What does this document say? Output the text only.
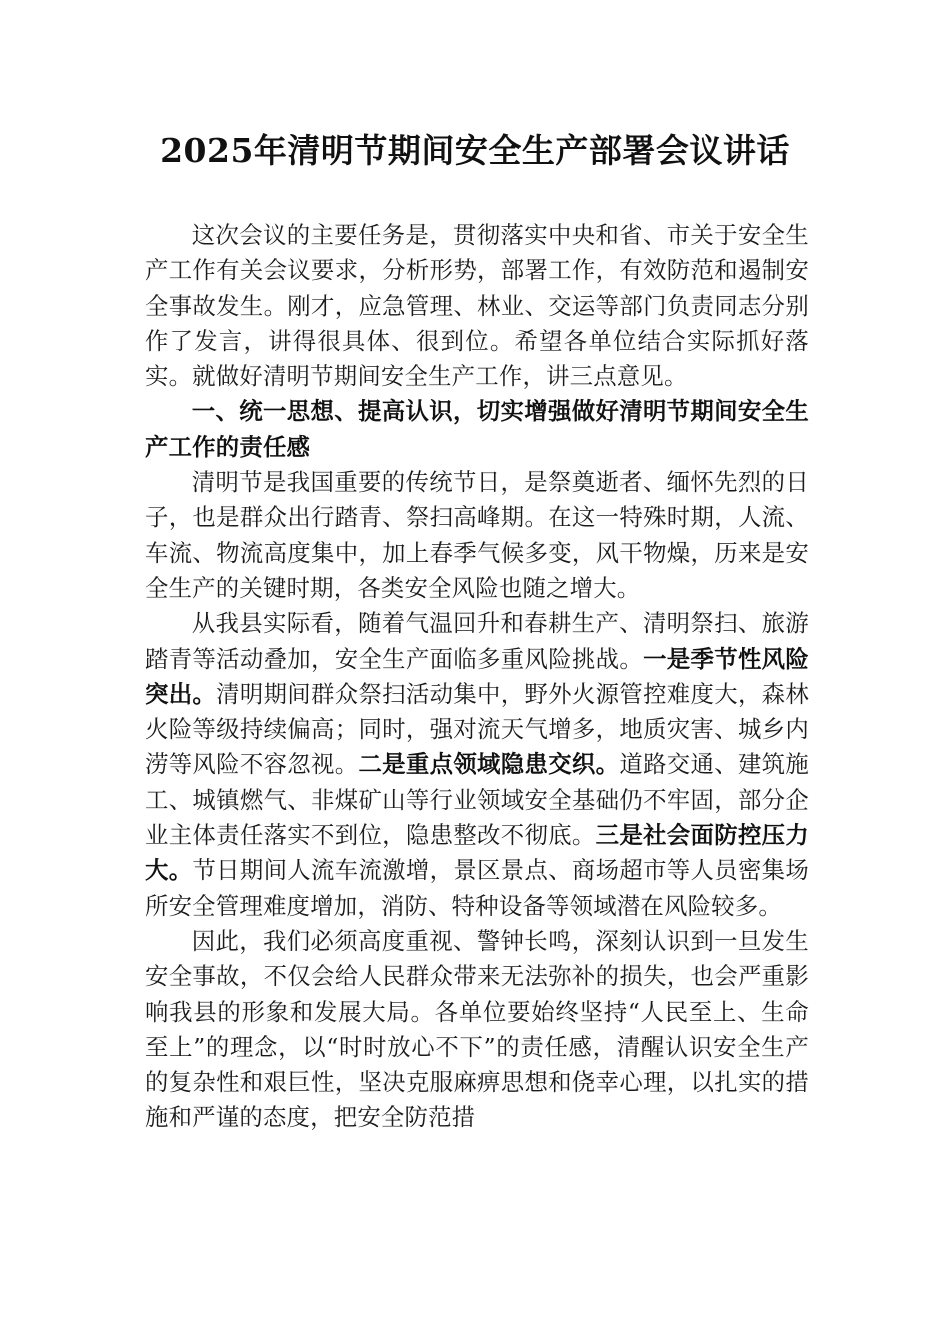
2025年清明节期间安全生产部署会议讲话

这次会议的主要任务是，贯彻落实中央和省、市关于安全生产工作有关会议要求，分析形势，部署工作，有效防范和遏制安全事故发生。刚才，应急管理、林业、交运等部门负责同志分别作了发言，讲得很具体、很到位。希望各单位结合实际抓好落实。就做好清明节期间安全生产工作，讲三点意见。

一、统一思想、提高认识，切实增强做好清明节期间安全生产工作的责任感

清明节是我国重要的传统节日，是祭奠逝者、缅怀先烈的日子，也是群众出行踏青、祭扫高峰期。在这一特殊时期，人流、车流、物流高度集中，加上春季气候多变，风干物燥，历来是安全生产的关键时期，各类安全风险也随之增大。

从我县实际看，随着气温回升和春耕生产、清明祭扫、旅游踏青等活动叠加，安全生产面临多重风险挑战。一是季节性风险突出。清明期间群众祭扫活动集中，野外火源管控难度大，森林火险等级持续偏高；同时，强对流天气增多，地质灾害、城乡内涝等风险不容忽视。二是重点领域隐患交织。道路交通、建筑施工、城镇燃气、非煤矿山等行业领域安全基础仍不牢固，部分企业主体责任落实不到位，隐患整改不彻底。三是社会面防控压力大。节日期间人流车流激增，景区景点、商场超市等人员密集场所安全管理难度增加，消防、特种设备等领域潜在风险较多。

因此，我们必须高度重视、警钟长鸣，深刻认识到一旦发生安全事故，不仅会给人民群众带来无法弥补的损失，也会严重影响我县的形象和发展大局。各单位要始终坚持“人民至上、生命至上”的理念，以“时时放心不下”的责任感，清醒认识安全生产的复杂性和艰巨性，坚决克服麻痹思想和侥幸心理，以扎实的措施和严谨的态度，把安全防范措
